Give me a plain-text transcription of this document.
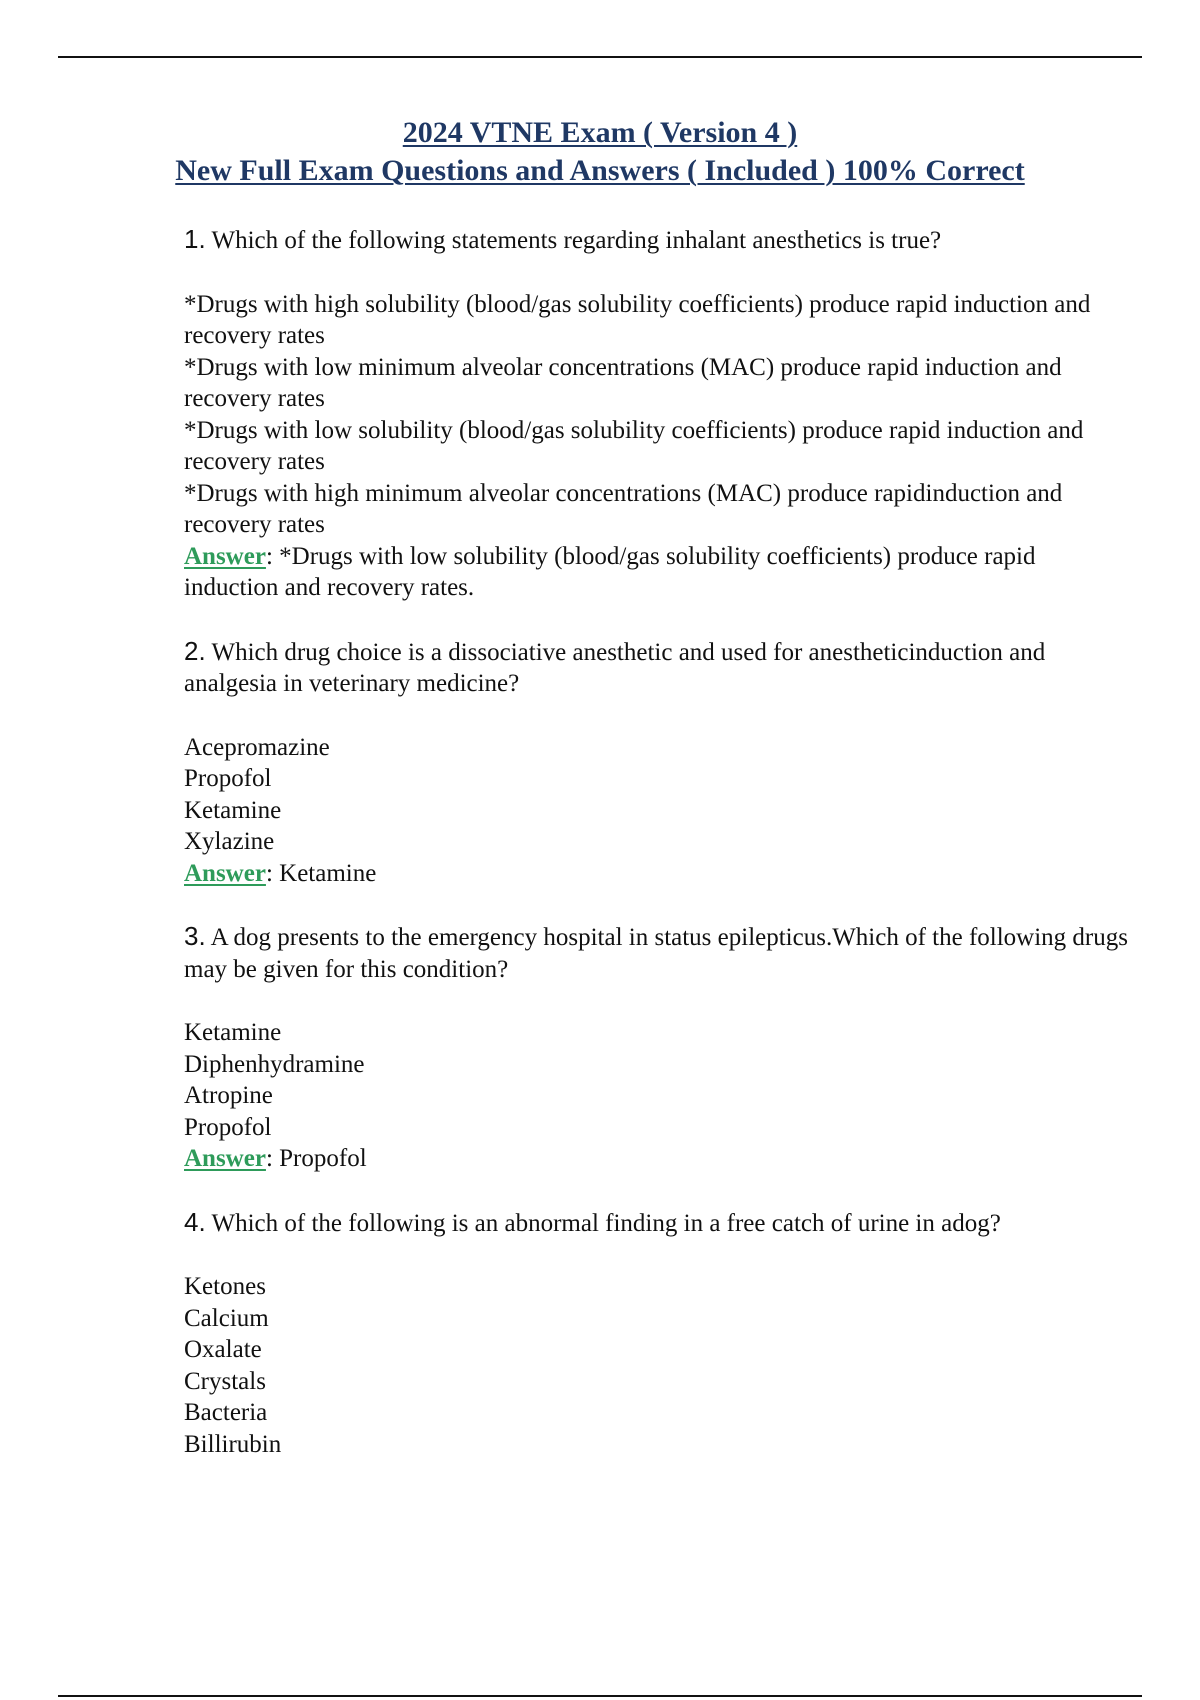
2024 VTNE Exam ( Version 4 )
New Full Exam Questions and Answers ( Included ) 100% Correct
1. Which of the following statements regarding inhalant anesthetics is true?
*Drugs with high solubility (blood/gas solubility coefficients) produce rapid induction and recovery rates
*Drugs with low minimum alveolar concentrations (MAC) produce rapid induction and recovery rates
*Drugs with low solubility (blood/gas solubility coefficients) produce rapid induction and recovery rates
*Drugs with high minimum alveolar concentrations (MAC) produce rapidinduction and recovery rates
Answer: *Drugs with low solubility (blood/gas solubility coefficients) produce rapid induction and recovery rates.
2. Which drug choice is a dissociative anesthetic and used for anestheticinduction and analgesia in veterinary medicine?
Acepromazine
Propofol
Ketamine
Xylazine
Answer: Ketamine
3. A dog presents to the emergency hospital in status epilepticus.Which of the following drugs may be given for this condition?
Ketamine
Diphenhydramine
Atropine
Propofol
Answer: Propofol
4. Which of the following is an abnormal finding in a free catch of urine in adog?
Ketones
Calcium
Oxalate
Crystals
Bacteria
Billirubin
